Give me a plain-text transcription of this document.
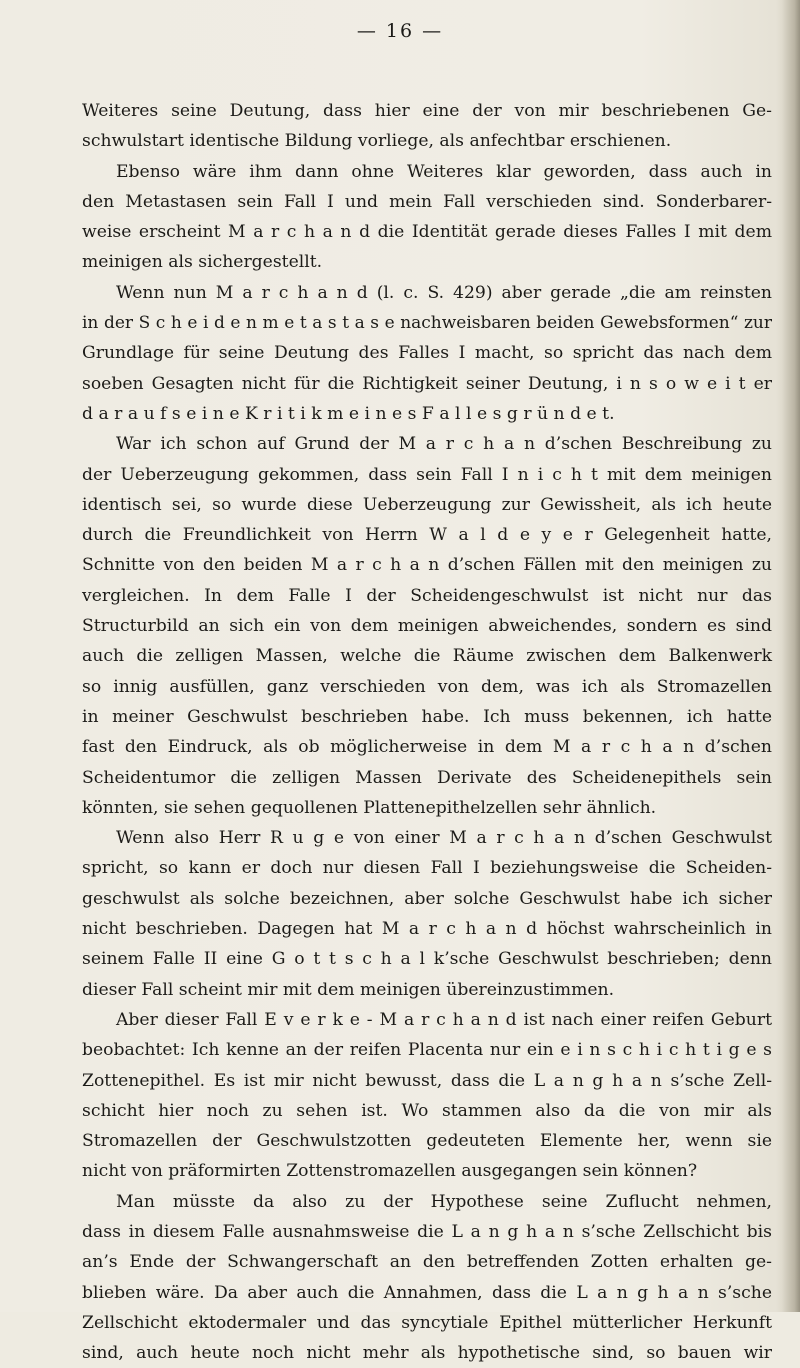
— 16 —
Weiteres seine Deutung, dass hier eine der von mir beschriebenen Ge-
schwulstart identische Bildung vorliege, als anfechtbar erschienen.
Ebenso wäre ihm dann ohne Weiteres klar geworden, dass auch in
den Metastasen sein Fall I und mein Fall verschieden sind. Sonderbarer-
weise erscheint M a r c h a n d die Identität gerade dieses Falles I mit dem
meinigen als sichergestellt.
Wenn nun M a r c h a n d (l. c. S. 429) aber gerade „die am reinsten
in der S c h e i d e n m e t a s t a s e nachweisbaren beiden Gewebsformen“ zur
Grundlage für seine Deutung des Falles I macht, so spricht das nach dem
soeben Gesagten nicht für die Richtigkeit seiner Deutung, i n s o w e i t er
d a r a u f s e i n e K r i t i k m e i n e s F a l l e s g r ü n d e t.
War ich schon auf Grund der M a r c h a n d’schen Beschreibung zu
der Ueberzeugung gekommen, dass sein Fall I n i c h t mit dem meinigen
identisch sei, so wurde diese Ueberzeugung zur Gewissheit, als ich heute
durch die Freundlichkeit von Herrn W a l d e y e r Gelegenheit hatte,
Schnitte von den beiden M a r c h a n d’schen Fällen mit den meinigen zu
vergleichen. In dem Falle I der Scheidengeschwulst ist nicht nur das
Structurbild an sich ein von dem meinigen abweichendes, sondern es sind
auch die zelligen Massen, welche die Räume zwischen dem Balkenwerk
so innig ausfüllen, ganz verschieden von dem, was ich als Stromazellen
in meiner Geschwulst beschrieben habe. Ich muss bekennen, ich hatte
fast den Eindruck, als ob möglicherweise in dem M a r c h a n d’schen
Scheidentumor die zelligen Massen Derivate des Scheidenepithels sein
könnten, sie sehen gequollenen Plattenepithelzellen sehr ähnlich.
Wenn also Herr R u g e von einer M a r c h a n d’schen Geschwulst
spricht, so kann er doch nur diesen Fall I beziehungsweise die Scheiden-
geschwulst als solche bezeichnen, aber solche Geschwulst habe ich sicher
nicht beschrieben. Dagegen hat M a r c h a n d höchst wahrscheinlich in
seinem Falle II eine G o t t s c h a l k’sche Geschwulst beschrieben; denn
dieser Fall scheint mir mit dem meinigen übereinzustimmen.
Aber dieser Fall E v e r k e - M a r c h a n d ist nach einer reifen Geburt
beobachtet: Ich kenne an der reifen Placenta nur ein e i n s c h i c h t i g e s
Zottenepithel. Es ist mir nicht bewusst, dass die L a n g h a n s’sche Zell-
schicht hier noch zu sehen ist. Wo stammen also da die von mir als
Stromazellen der Geschwulstzotten gedeuteten Elemente her, wenn sie
nicht von präformirten Zottenstromazellen ausgegangen sein können?
Man müsste da also zu der Hypothese seine Zuflucht nehmen,
dass in diesem Falle ausnahmsweise die L a n g h a n s’sche Zellschicht bis
an’s Ende der Schwangerschaft an den betreffenden Zotten erhalten ge-
blieben wäre. Da aber auch die Annahmen, dass die L a n g h a n s’sche
Zellschicht ektodermaler und das syncytiale Epithel mütterlicher Herkunft
sind, auch heute noch nicht mehr als hypothetische sind, so bauen wir
